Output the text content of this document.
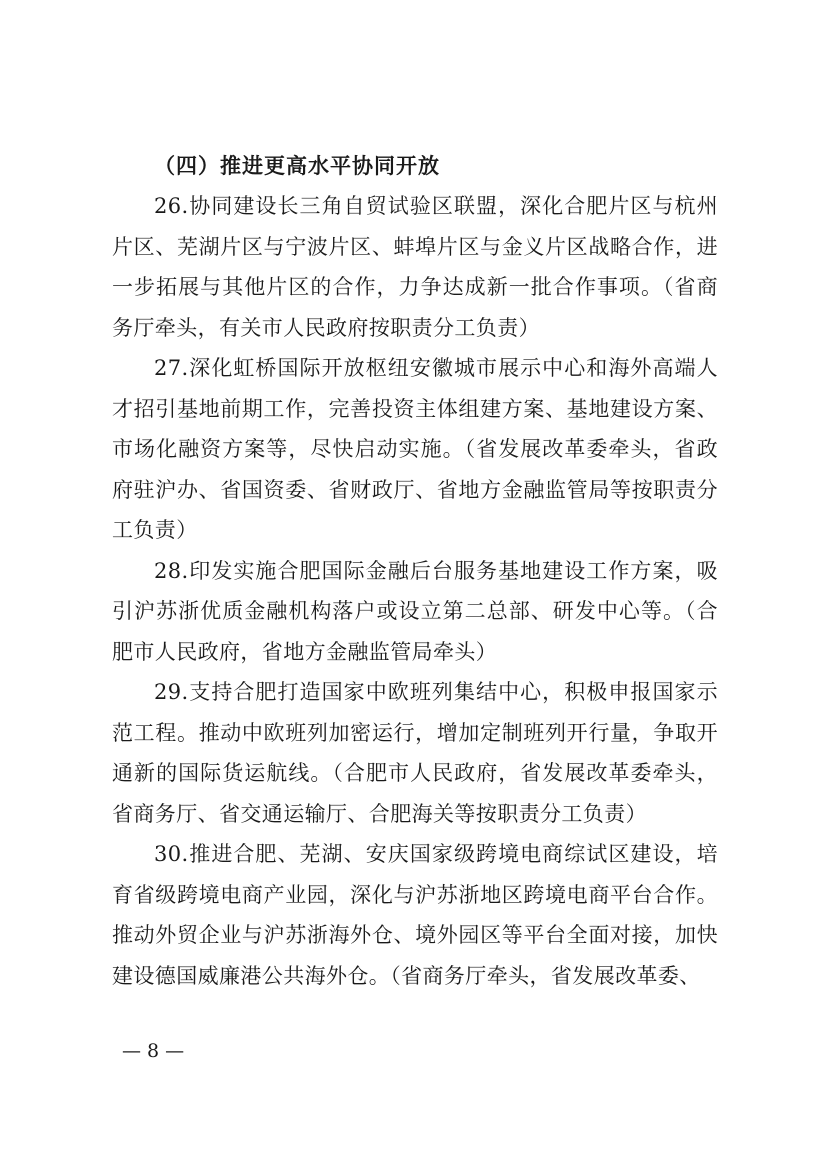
（四）推进更高水平协同开放

26.协同建设长三角自贸试验区联盟，深化合肥片区与杭州片区、芜湖片区与宁波片区、蚌埠片区与金义片区战略合作，进一步拓展与其他片区的合作，力争达成新一批合作事项。（省商务厅牵头，有关市人民政府按职责分工负责）

27.深化虹桥国际开放枢纽安徽城市展示中心和海外高端人才招引基地前期工作，完善投资主体组建方案、基地建设方案、市场化融资方案等，尽快启动实施。（省发展改革委牵头，省政府驻沪办、省国资委、省财政厅、省地方金融监管局等按职责分工负责）

28.印发实施合肥国际金融后台服务基地建设工作方案，吸引沪苏浙优质金融机构落户或设立第二总部、研发中心等。（合肥市人民政府，省地方金融监管局牵头）

29.支持合肥打造国家中欧班列集结中心，积极申报国家示范工程。推动中欧班列加密运行，增加定制班列开行量，争取开通新的国际货运航线。（合肥市人民政府，省发展改革委牵头，省商务厅、省交通运输厅、合肥海关等按职责分工负责）

30.推进合肥、芜湖、安庆国家级跨境电商综试区建设，培育省级跨境电商产业园，深化与沪苏浙地区跨境电商平台合作。推动外贸企业与沪苏浙海外仓、境外园区等平台全面对接，加快建设德国威廉港公共海外仓。（省商务厅牵头，省发展改革委、

— 8 —
